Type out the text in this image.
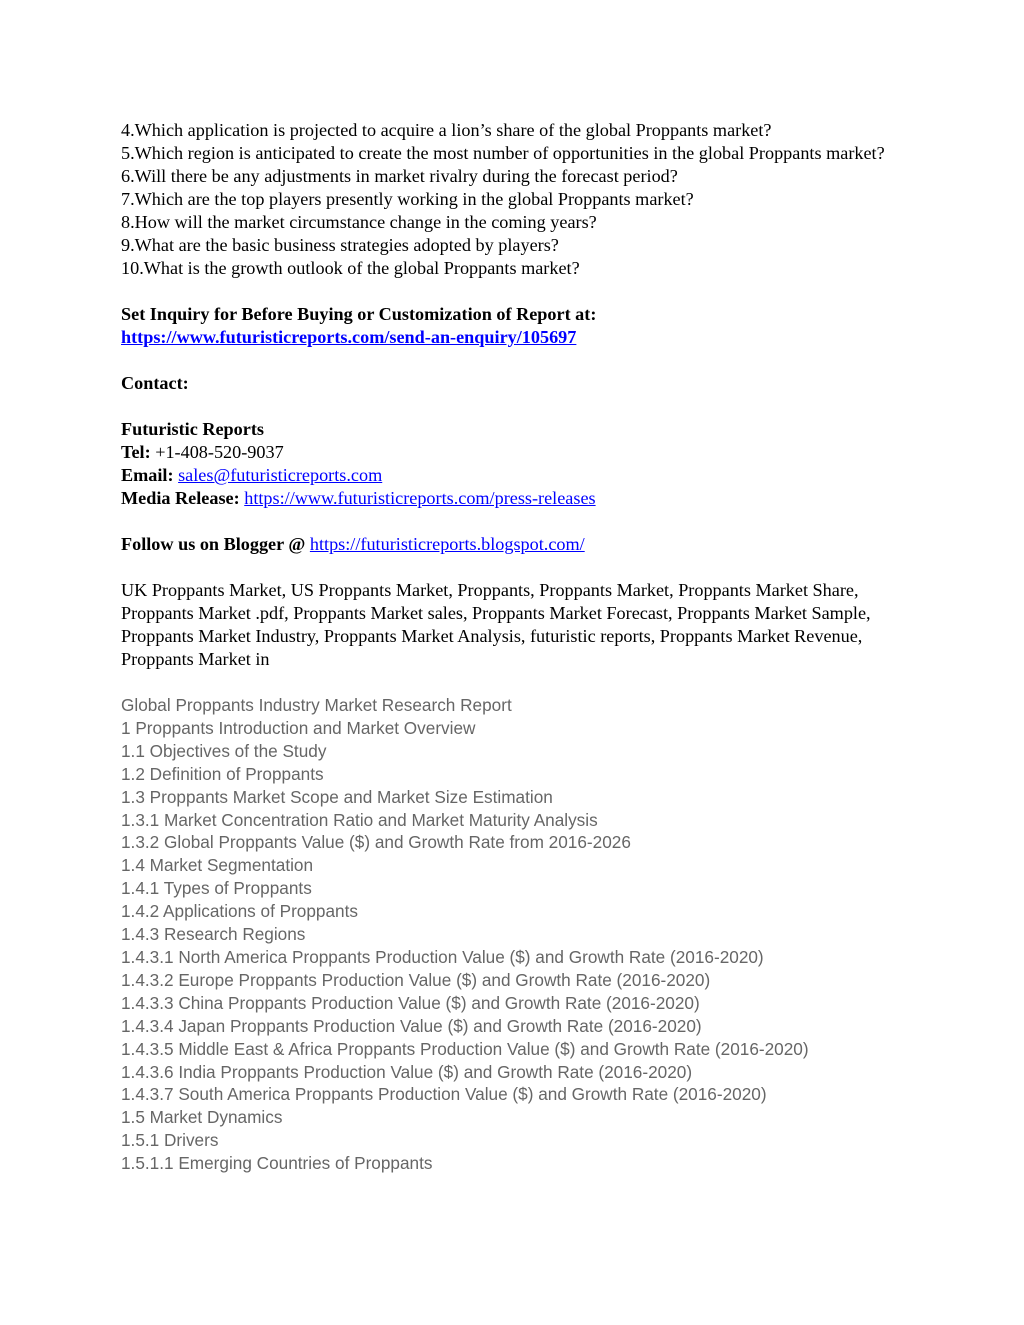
4.Which application is projected to acquire a lion’s share of the global Proppants market?
5.Which region is anticipated to create the most number of opportunities in the global Proppants market?
6.Will there be any adjustments in market rivalry during the forecast period?
7.Which are the top players presently working in the global Proppants market?
8.How will the market circumstance change in the coming years?
9.What are the basic business strategies adopted by players?
10.What is the growth outlook of the global Proppants market?
Set Inquiry for Before Buying or Customization of Report at:
https://www.futuristicreports.com/send-an-enquiry/105697
Contact:
Futuristic Reports
Tel: +1-408-520-9037
Email: sales@futuristicreports.com
Media Release: https://www.futuristicreports.com/press-releases
Follow us on Blogger @ https://futuristicreports.blogspot.com/
UK Proppants Market, US Proppants Market, Proppants, Proppants Market, Proppants Market Share, Proppants Market .pdf, Proppants Market sales, Proppants Market Forecast, Proppants Market Sample, Proppants Market Industry, Proppants Market Analysis, futuristic reports, Proppants Market Revenue, Proppants Market in
Global Proppants Industry Market Research Report
1 Proppants Introduction and Market Overview
1.1 Objectives of the Study
1.2 Definition of Proppants
1.3 Proppants Market Scope and Market Size Estimation
1.3.1 Market Concentration Ratio and Market Maturity Analysis
1.3.2 Global Proppants Value ($) and Growth Rate from 2016-2026
1.4 Market Segmentation
1.4.1 Types of Proppants
1.4.2 Applications of Proppants
1.4.3 Research Regions
1.4.3.1 North America Proppants Production Value ($) and Growth Rate (2016-2020)
1.4.3.2 Europe Proppants Production Value ($) and Growth Rate (2016-2020)
1.4.3.3 China Proppants Production Value ($) and Growth Rate (2016-2020)
1.4.3.4 Japan Proppants Production Value ($) and Growth Rate (2016-2020)
1.4.3.5 Middle East & Africa Proppants Production Value ($) and Growth Rate (2016-2020)
1.4.3.6 India Proppants Production Value ($) and Growth Rate (2016-2020)
1.4.3.7 South America Proppants Production Value ($) and Growth Rate (2016-2020)
1.5 Market Dynamics
1.5.1 Drivers
1.5.1.1 Emerging Countries of Proppants
